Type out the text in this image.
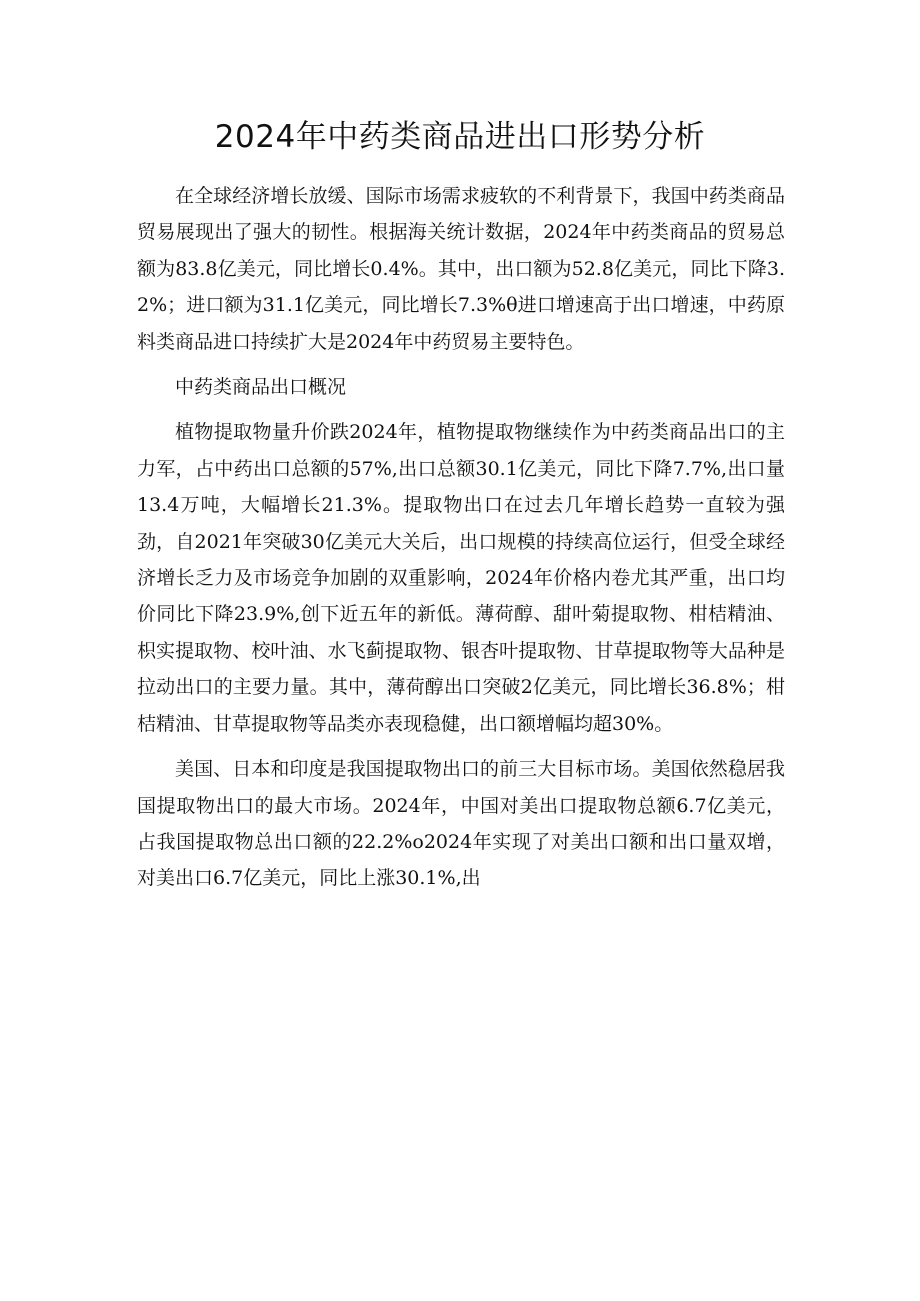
2024年中药类商品进出口形势分析

在全球经济增长放缓、国际市场需求疲软的不利背景下，我国中药类商品贸易展现出了强大的韧性。根据海关统计数据，2024年中药类商品的贸易总额为83.8亿美元，同比增长0.4%。其中，出口额为52.8亿美元，同比下降3.2%；进口额为31.1亿美元，同比增长7.3%θ进口增速高于出口增速，中药原料类商品进口持续扩大是2024年中药贸易主要特色。

中药类商品出口概况

植物提取物量升价跌2024年，植物提取物继续作为中药类商品出口的主力军，占中药出口总额的57%,出口总额30.1亿美元，同比下降7.7%,出口量13.4万吨，大幅增长21.3%。提取物出口在过去几年增长趋势一直较为强劲，自2021年突破30亿美元大关后，出口规模的持续高位运行，但受全球经济增长乏力及市场竞争加剧的双重影响，2024年价格内卷尤其严重，出口均价同比下降23.9%,创下近五年的新低。薄荷醇、甜叶菊提取物、柑桔精油、枳实提取物、校叶油、水飞蓟提取物、银杏叶提取物、甘草提取物等大品种是拉动出口的主要力量。其中，薄荷醇出口突破2亿美元，同比增长36.8%；柑桔精油、甘草提取物等品类亦表现稳健，出口额增幅均超30%。

美国、日本和印度是我国提取物出口的前三大目标市场。美国依然稳居我国提取物出口的最大市场。2024年，中国对美出口提取物总额6.7亿美元，占我国提取物总出口额的22.2%o2024年实现了对美出口额和出口量双增，对美出口6.7亿美元，同比上涨30.1%,出
